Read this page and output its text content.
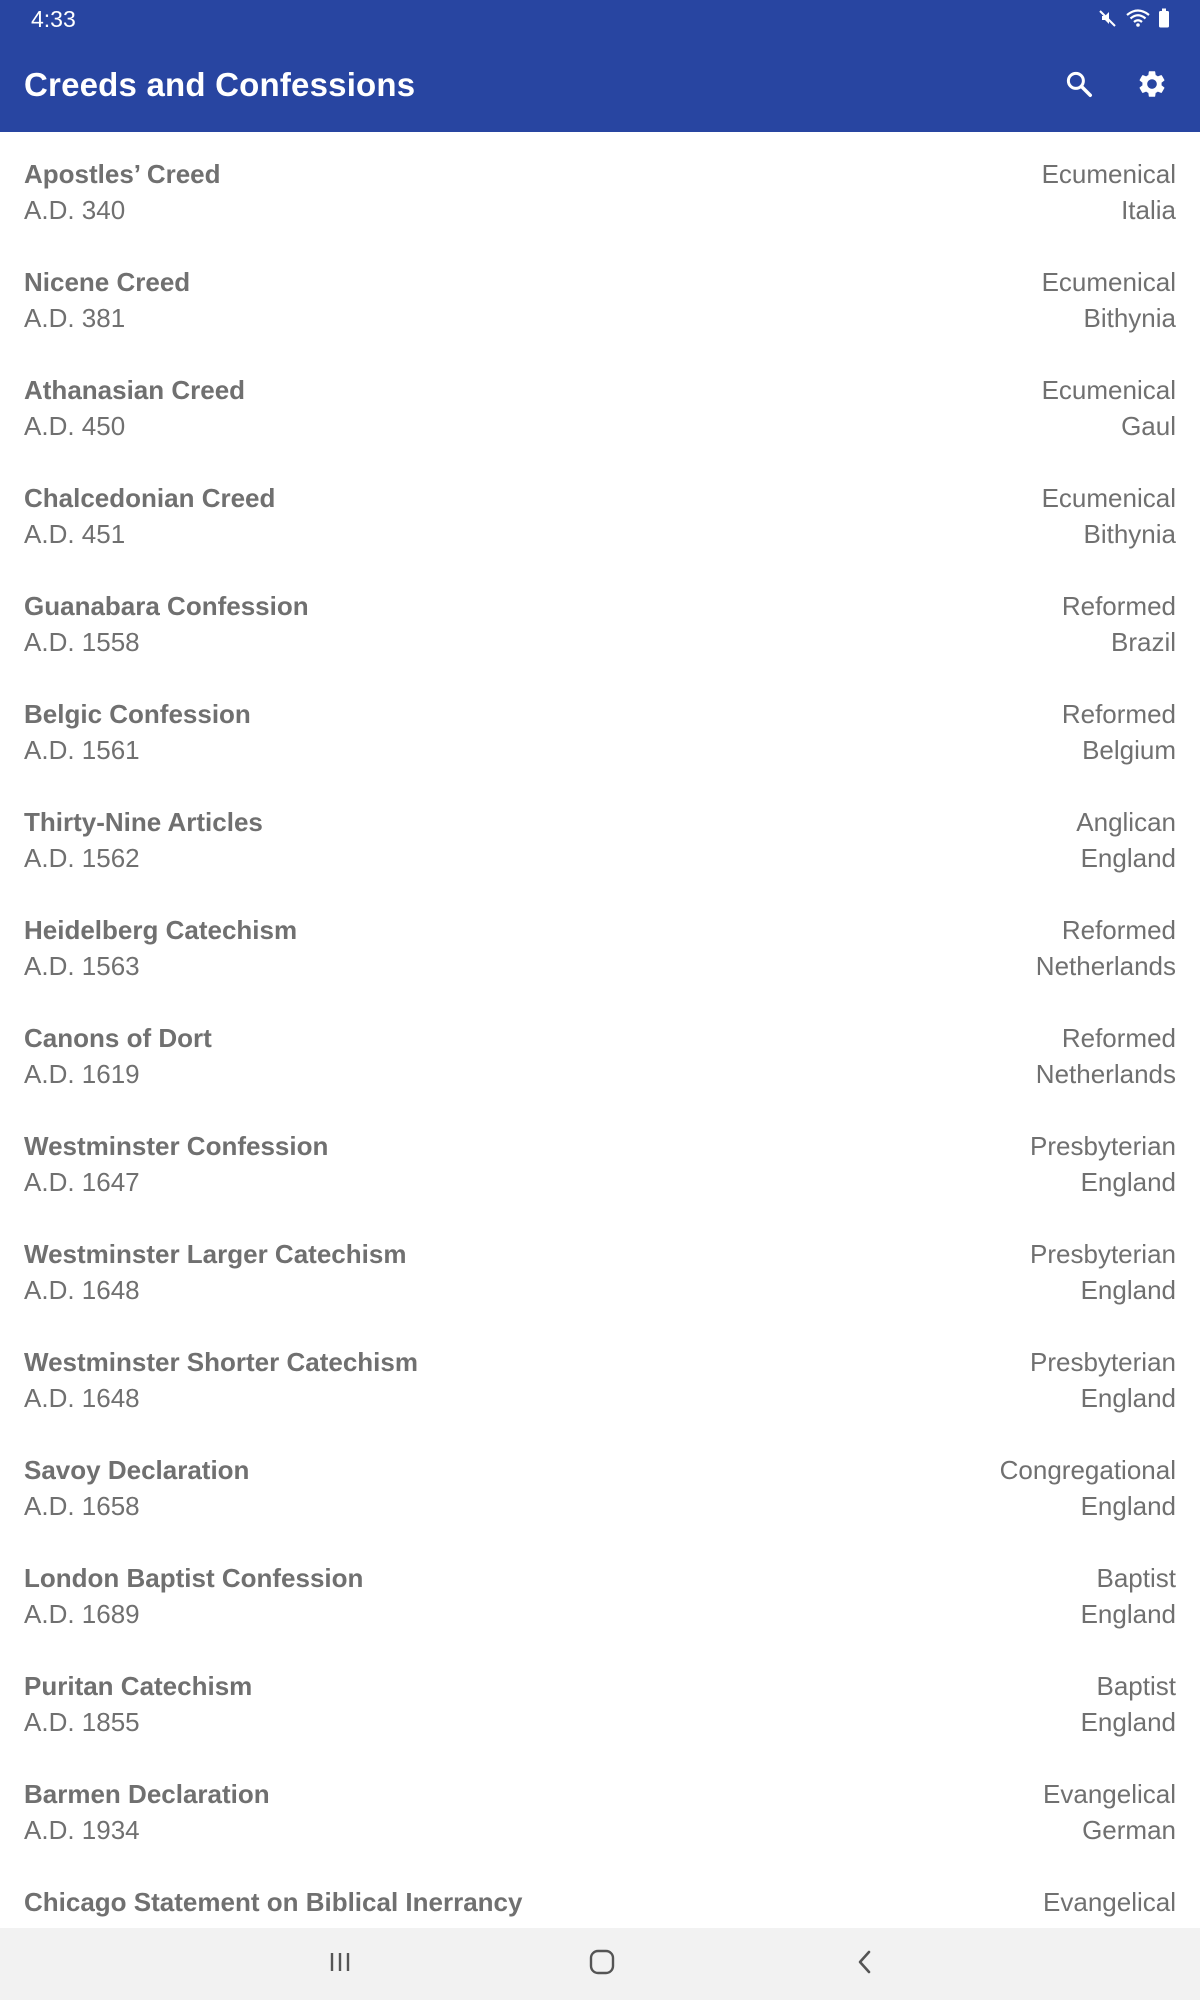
4:33
Creeds and Confessions
Apostles’ Creed
A.D. 340
Ecumenical
Italia
Nicene Creed
A.D. 381
Ecumenical
Bithynia
Athanasian Creed
A.D. 450
Ecumenical
Gaul
Chalcedonian Creed
A.D. 451
Ecumenical
Bithynia
Guanabara Confession
A.D. 1558
Reformed
Brazil
Belgic Confession
A.D. 1561
Reformed
Belgium
Thirty-Nine Articles
A.D. 1562
Anglican
England
Heidelberg Catechism
A.D. 1563
Reformed
Netherlands
Canons of Dort
A.D. 1619
Reformed
Netherlands
Westminster Confession
A.D. 1647
Presbyterian
England
Westminster Larger Catechism
A.D. 1648
Presbyterian
England
Westminster Shorter Catechism
A.D. 1648
Presbyterian
England
Savoy Declaration
A.D. 1658
Congregational
England
London Baptist Confession
A.D. 1689
Baptist
England
Puritan Catechism
A.D. 1855
Baptist
England
Barmen Declaration
A.D. 1934
Evangelical
German
Chicago Statement on Biblical Inerrancy	Evangelical
